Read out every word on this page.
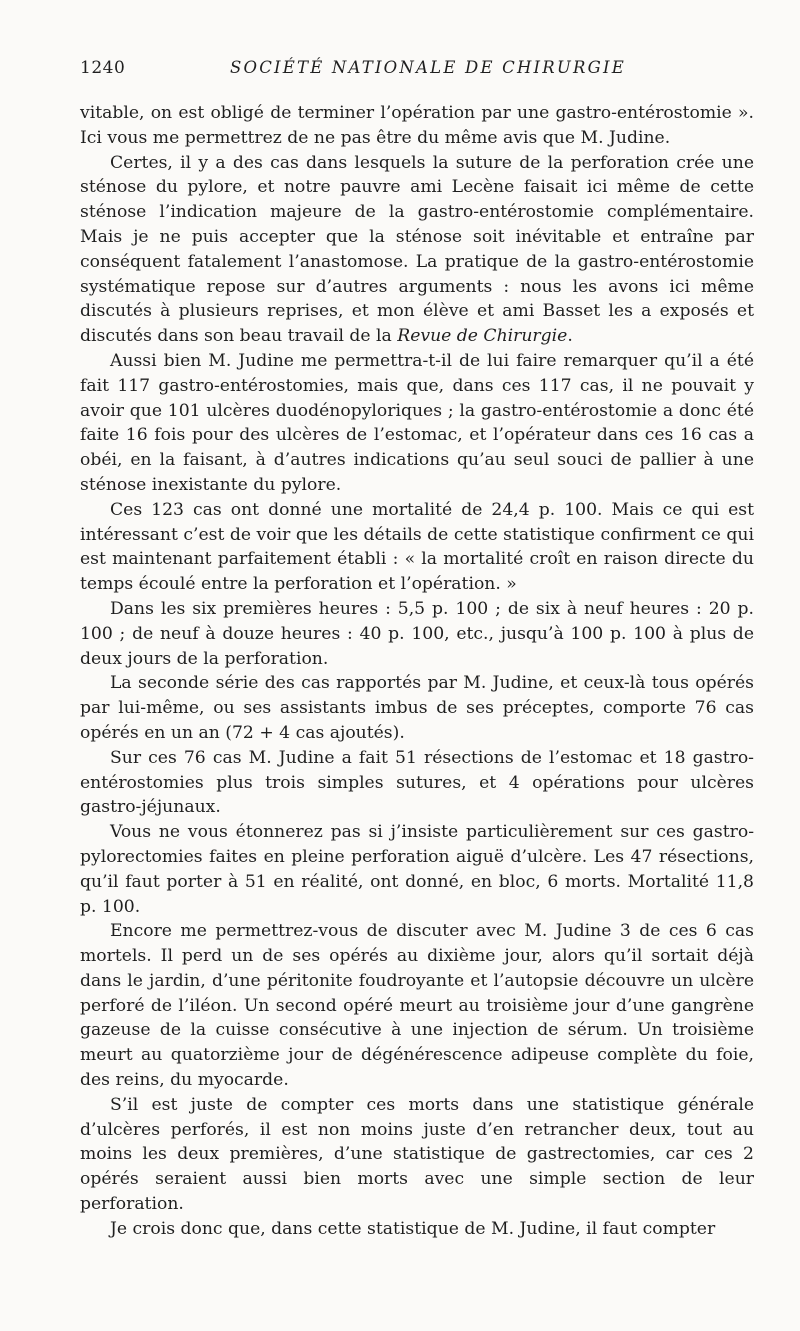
1240	SOCIÉTÉ NATIONALE DE CHIRURGIE

vitable, on est obligé de terminer l’opération par une gastro-entérostomie ». Ici vous me permettrez de ne pas être du même avis que M. Judine.

Certes, il y a des cas dans lesquels la suture de la perforation crée une sténose du pylore, et notre pauvre ami Lecène faisait ici même de cette sténose l’indication majeure de la gastro-entérostomie complémentaire. Mais je ne puis accepter que la sténose soit inévitable et entraîne par conséquent fatalement l’anastomose. La pratique de la gastro-entérostomie systématique repose sur d’autres arguments : nous les avons ici même discutés à plusieurs reprises, et mon élève et ami Basset les a exposés et discutés dans son beau travail de la Revue de Chirurgie.

Aussi bien M. Judine me permettra-t-il de lui faire remarquer qu’il a été fait 117 gastro-entérostomies, mais que, dans ces 117 cas, il ne pouvait y avoir que 101 ulcères duodénopyloriques ; la gastro-entérostomie a donc été faite 16 fois pour des ulcères de l’estomac, et l’opérateur dans ces 16 cas a obéi, en la faisant, à d’autres indications qu’au seul souci de pallier à une sténose inexistante du pylore.

Ces 123 cas ont donné une mortalité de 24,4 p. 100. Mais ce qui est intéressant c’est de voir que les détails de cette statistique confirment ce qui est maintenant parfaitement établi : « la mortalité croît en raison directe du temps écoulé entre la perforation et l’opération. »

Dans les six premières heures : 5,5 p. 100 ; de six à neuf heures : 20 p. 100 ; de neuf à douze heures : 40 p. 100, etc., jusqu’à 100 p. 100 à plus de deux jours de la perforation.

La seconde série des cas rapportés par M. Judine, et ceux-là tous opérés par lui-même, ou ses assistants imbus de ses préceptes, comporte 76 cas opérés en un an (72 + 4 cas ajoutés).

Sur ces 76 cas M. Judine a fait 51 résections de l’estomac et 18 gastro-entérostomies plus trois simples sutures, et 4 opérations pour ulcères gastro-jéjunaux.

Vous ne vous étonnerez pas si j’insiste particulièrement sur ces gastro-pylorectomies faites en pleine perforation aiguë d’ulcère. Les 47 résections, qu’il faut porter à 51 en réalité, ont donné, en bloc, 6 morts. Mortalité 11,8 p. 100.

Encore me permettrez-vous de discuter avec M. Judine 3 de ces 6 cas mortels. Il perd un de ses opérés au dixième jour, alors qu’il sortait déjà dans le jardin, d’une péritonite foudroyante et l’autopsie découvre un ulcère perforé de l’iléon. Un second opéré meurt au troisième jour d’une gangrène gazeuse de la cuisse consécutive à une injection de sérum. Un troisième meurt au quatorzième jour de dégénérescence adipeuse complète du foie, des reins, du myocarde.

S’il est juste de compter ces morts dans une statistique générale d’ulcères perforés, il est non moins juste d’en retrancher deux, tout au moins les deux premières, d’une statistique de gastrectomies, car ces 2 opérés seraient aussi bien morts avec une simple section de leur perforation.

Je crois donc que, dans cette statistique de M. Judine, il faut compter
